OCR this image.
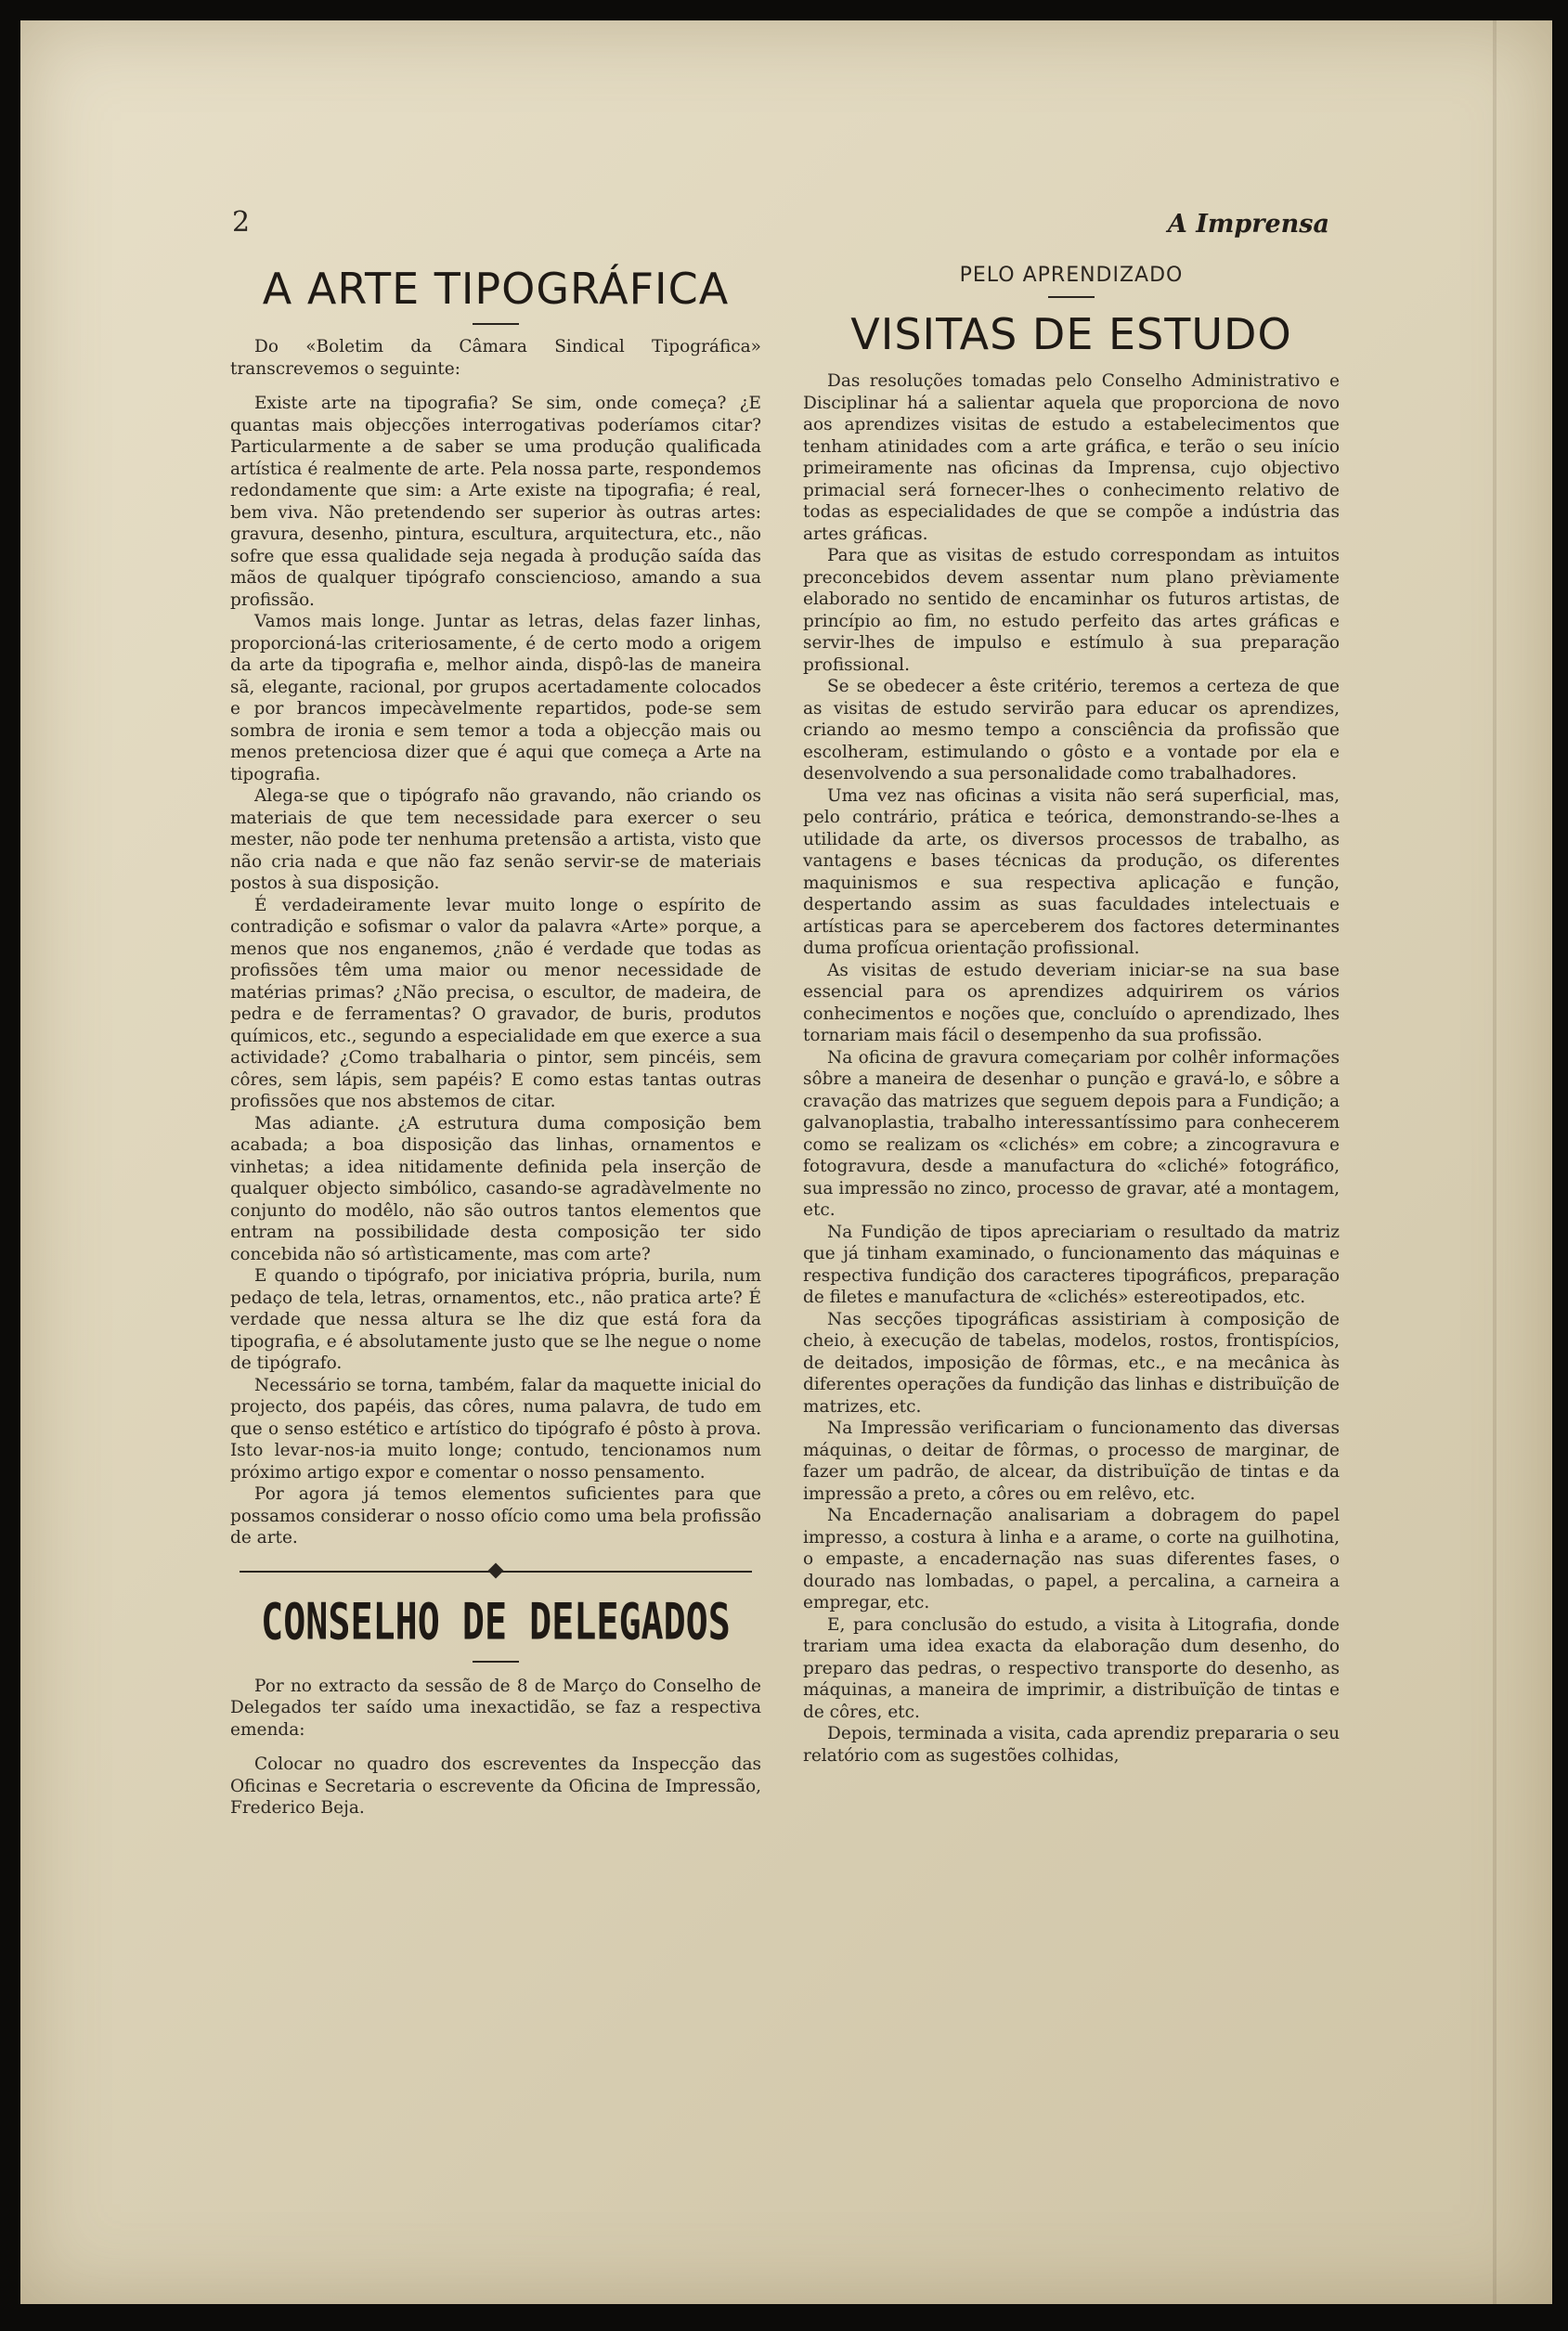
2	A Imprensa
A ARTE TIPOGRÁFICA

Do «Boletim da Câmara Sindical Tipográfica» transcrevemos o seguinte:

Existe arte na tipografia? Se sim, onde começa? ¿E quantas mais objecções interrogativas poderíamos citar? Particularmente a de saber se uma produção qualificada artística é realmente de arte. Pela nossa parte, respondemos redondamente que sim: a Arte existe na tipografia; é real, bem viva. Não pretendendo ser superior às outras artes: gravura, desenho, pintura, escultura, arquitectura, etc., não sofre que essa qualidade seja negada à produção saída das mãos de qualquer tipógrafo consciencioso, amando a sua profissão.

Vamos mais longe. Juntar as letras, delas fazer linhas, proporcioná-las criteriosamente, é de certo modo a origem da arte da tipografia e, melhor ainda, dispô-las de maneira sã, elegante, racional, por grupos acertadamente colocados e por brancos impecàvelmente repartidos, pode-se sem sombra de ironia e sem temor a toda a objecção mais ou menos pretenciosa dizer que é aqui que começa a Arte na tipografia.

Alega-se que o tipógrafo não gravando, não criando os materiais de que tem necessidade para exercer o seu mester, não pode ter nenhuma pretensão a artista, visto que não cria nada e que não faz senão servir-se de materiais postos à sua disposição.

É verdadeiramente levar muito longe o espírito de contradição e sofismar o valor da palavra «Arte» porque, a menos que nos enganemos, ¿não é verdade que todas as profissões têm uma maior ou menor necessidade de matérias primas? ¿Não precisa, o escultor, de madeira, de pedra e de ferramentas? O gravador, de buris, produtos químicos, etc., segundo a especialidade em que exerce a sua actividade? ¿Como trabalharia o pintor, sem pincéis, sem côres, sem lápis, sem papéis? E como estas tantas outras profissões que nos abstemos de citar.

Mas adiante. ¿A estrutura duma composição bem acabada; a boa disposição das linhas, ornamentos e vinhetas; a idea nitidamente definida pela inserção de qualquer objecto simbólico, casando-se agradàvelmente no conjunto do modêlo, não são outros tantos elementos que entram na possibilidade desta composição ter sido concebida não só artìsticamente, mas com arte?

E quando o tipógrafo, por iniciativa própria, burila, num pedaço de tela, letras, ornamentos, etc., não pratica arte? É verdade que nessa altura se lhe diz que está fora da tipografia, e é absolutamente justo que se lhe negue o nome de tipógrafo.

Necessário se torna, também, falar da maquette inicial do projecto, dos papéis, das côres, numa palavra, de tudo em que o senso estético e artístico do tipógrafo é pôsto à prova. Isto levar-nos-ia muito longe; contudo, tencionamos num próximo artigo expor e comentar o nosso pensamento.

Por agora já temos elementos suficientes para que possamos considerar o nosso ofício como uma bela profissão de arte.

CONSELHO DE DELEGADOS

Por no extracto da sessão de 8 de Março do Conselho de Delegados ter saído uma inexactidão, se faz a respectiva emenda:

Colocar no quadro dos escreventes da Inspecção das Oficinas e Secretaria o escrevente da Oficina de Impressão, Frederico Beja.

PELO APRENDIZADO
VISITAS DE ESTUDO

Das resoluções tomadas pelo Conselho Administrativo e Disciplinar há a salientar aquela que proporciona de novo aos aprendizes visitas de estudo a estabelecimentos que tenham atinidades com a arte gráfica, e terão o seu início primeiramente nas oficinas da Imprensa, cujo objectivo primacial será fornecer-lhes o conhecimento relativo de todas as especialidades de que se compõe a indústria das artes gráficas.

Para que as visitas de estudo correspondam as intuitos preconcebidos devem assentar num plano prèviamente elaborado no sentido de encaminhar os futuros artistas, de princípio ao fim, no estudo perfeito das artes gráficas e servir-lhes de impulso e estímulo à sua preparação profissional.

Se se obedecer a êste critério, teremos a certeza de que as visitas de estudo servirão para educar os aprendizes, criando ao mesmo tempo a consciência da profissão que escolheram, estimulando o gôsto e a vontade por ela e desenvolvendo a sua personalidade como trabalhadores.

Uma vez nas oficinas a visita não será superficial, mas, pelo contrário, prática e teórica, demonstrando-se-lhes a utilidade da arte, os diversos processos de trabalho, as vantagens e bases técnicas da produção, os diferentes maquinismos e sua respectiva aplicação e função, despertando assim as suas faculdades intelectuais e artísticas para se aperceberem dos factores determinantes duma profícua orientação profissional.

As visitas de estudo deveriam iniciar-se na sua base essencial para os aprendizes adquirirem os vários conhecimentos e noções que, concluído o aprendizado, lhes tornariam mais fácil o desempenho da sua profissão.

Na oficina de gravura começariam por colhêr informações sôbre a maneira de desenhar o punção e gravá-lo, e sôbre a cravação das matrizes que seguem depois para a Fundição; a galvanoplastia, trabalho interessantíssimo para conhecerem como se realizam os «clichés» em cobre; a zincogravura e fotogravura, desde a manufactura do «cliché» fotográfico, sua impressão no zinco, processo de gravar, até a montagem, etc.

Na Fundição de tipos apreciariam o resultado da matriz que já tinham examinado, o funcionamento das máquinas e respectiva fundição dos caracteres tipográficos, preparação de filetes e manufactura de «clichés» estereotipados, etc.

Nas secções tipográficas assistiriam à composição de cheio, à execução de tabelas, modelos, rostos, frontispícios, de deitados, imposição de fôrmas, etc., e na mecânica às diferentes operações da fundição das linhas e distribuïção de matrizes, etc.

Na Impressão verificariam o funcionamento das diversas máquinas, o deitar de fôrmas, o processo de marginar, de fazer um padrão, de alcear, da distribuïção de tintas e da impressão a preto, a côres ou em relêvo, etc.

Na Encadernação analisariam a dobragem do papel impresso, a costura à linha e a arame, o corte na guilhotina, o empaste, a encadernação nas suas diferentes fases, o dourado nas lombadas, o papel, a percalina, a carneira a empregar, etc.

E, para conclusão do estudo, a visita à Litografia, donde trariam uma idea exacta da elaboração dum desenho, do preparo das pedras, o respectivo transporte do desenho, as máquinas, a maneira de imprimir, a distribuïção de tintas e de côres, etc.

Depois, terminada a visita, cada aprendiz prepararia o seu relatório com as sugestões colhidas,
